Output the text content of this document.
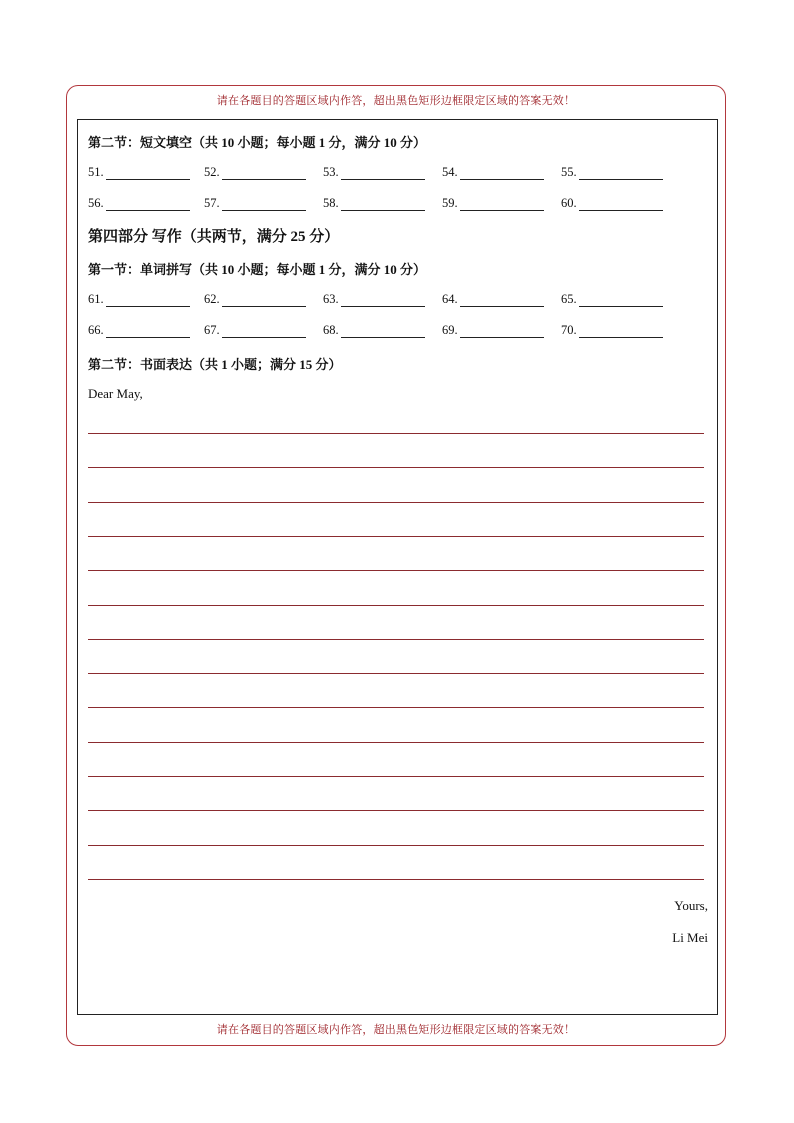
请在各题目的答题区域内作答，超出黑色矩形边框限定区域的答案无效！
第二节：短文填空（共 10 小题；每小题 1 分，满分 10 分）
51.	52.	53.	54.	55.
56.	57.	58.	59.	60.
第四部分 写作（共两节，满分 25 分）
第一节：单词拼写（共 10 小题；每小题 1 分，满分 10 分）
61.	62.	63.	64.	65.
66.	67.	68.	69.	70.
第二节：书面表达（共 1 小题；满分 15 分）
Dear May,
Yours,
Li Mei
请在各题目的答题区域内作答，超出黑色矩形边框限定区域的答案无效！
